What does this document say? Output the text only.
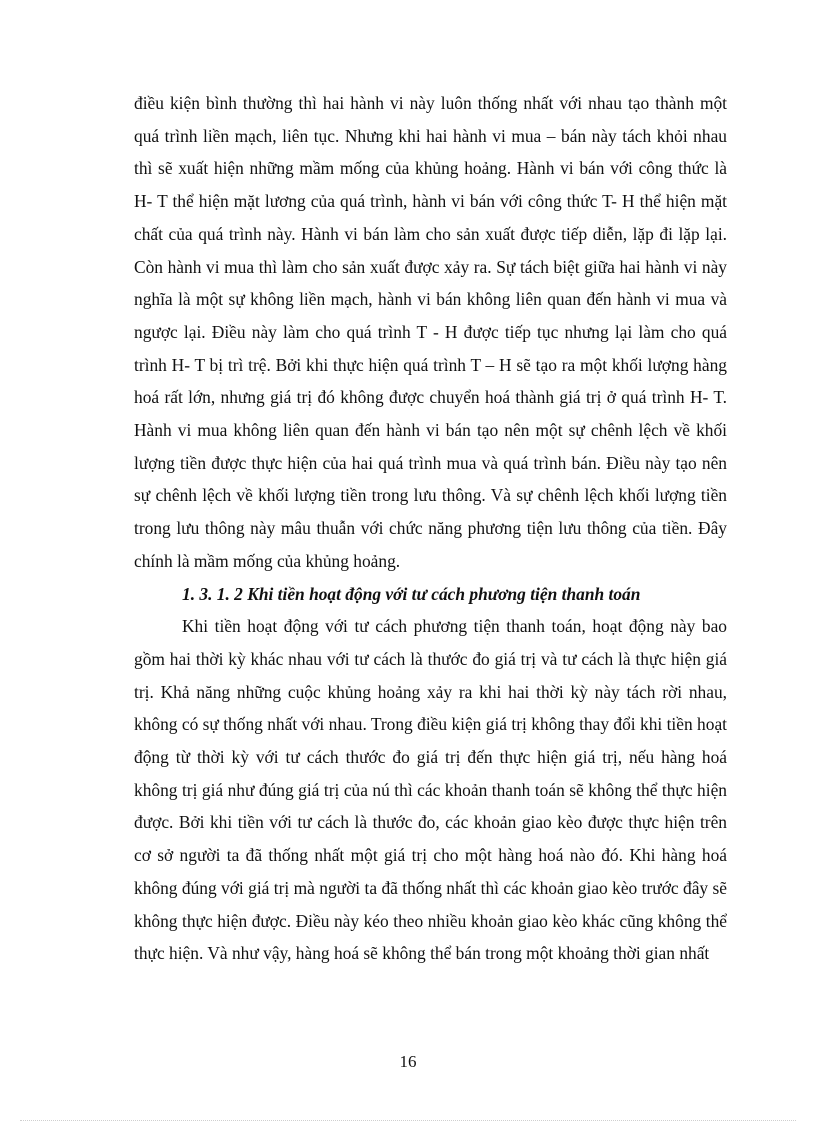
điều kiện bình thường thì hai hành vi này luôn thống nhất với nhau tạo thành một quá trình liền mạch, liên tục. Nhưng khi hai hành vi mua – bán này tách khỏi nhau thì sẽ xuất hiện những mầm mống của khủng hoảng. Hành vi bán với công thức là H- T thể hiện mặt lương của quá trình, hành vi bán với công thức T- H thể hiện mặt chất của quá trình này. Hành vi bán làm cho sản xuất được tiếp diễn, lặp đi lặp lại. Còn hành vi mua thì làm cho sản xuất được xảy ra. Sự tách biệt giữa hai hành vi này nghĩa là một sự không liền mạch, hành vi bán không liên quan đến hành vi mua và ngược lại. Điều này làm cho quá trình T - H được tiếp tục nhưng lại làm cho quá trình H- T bị trì trệ. Bởi khi thực hiện quá trình T – H sẽ tạo ra một khối lượng hàng hoá rất lớn, nhưng giá trị đó không được chuyển hoá thành giá trị ở quá trình H- T. Hành vi mua không liên quan đến hành vi bán tạo nên một sự chênh lệch về khối lượng tiền được thực hiện của hai quá trình mua và quá trình bán. Điều này tạo nên sự chênh lệch về khối lượng tiền trong lưu thông. Và sự chênh lệch khối lượng tiền trong lưu thông này mâu thuẫn với chức năng phương tiện lưu thông của tiền. Đây chính là mầm mống của khủng hoảng.

1. 3. 1. 2 Khi tiền hoạt động với tư cách phương tiện thanh toán

Khi tiền hoạt động với tư cách phương tiện thanh toán, hoạt động này bao gồm hai thời kỳ khác nhau với tư cách là thước đo giá trị và tư cách là thực hiện giá trị. Khả năng những cuộc khủng hoảng xảy ra khi hai thời kỳ này tách rời nhau, không có sự thống nhất với nhau. Trong điều kiện giá trị không thay đổi khi tiền hoạt động từ thời kỳ với tư cách thước đo giá trị đến thực hiện giá trị, nếu hàng hoá không trị giá như đúng giá trị của nú thì các khoản thanh toán sẽ không thể thực hiện được. Bởi khi tiền với tư cách là thước đo, các khoản giao kèo được thực hiện trên cơ sở người ta đã thống nhất một giá trị cho một hàng hoá nào đó. Khi hàng hoá không đúng với giá trị mà người ta đã thống nhất thì các khoản giao kèo trước đây sẽ không thực hiện được. Điều này kéo theo nhiều khoản giao kèo khác cũng không thể thực hiện. Và như vậy, hàng hoá sẽ không thể bán trong một khoảng thời gian nhất

16
